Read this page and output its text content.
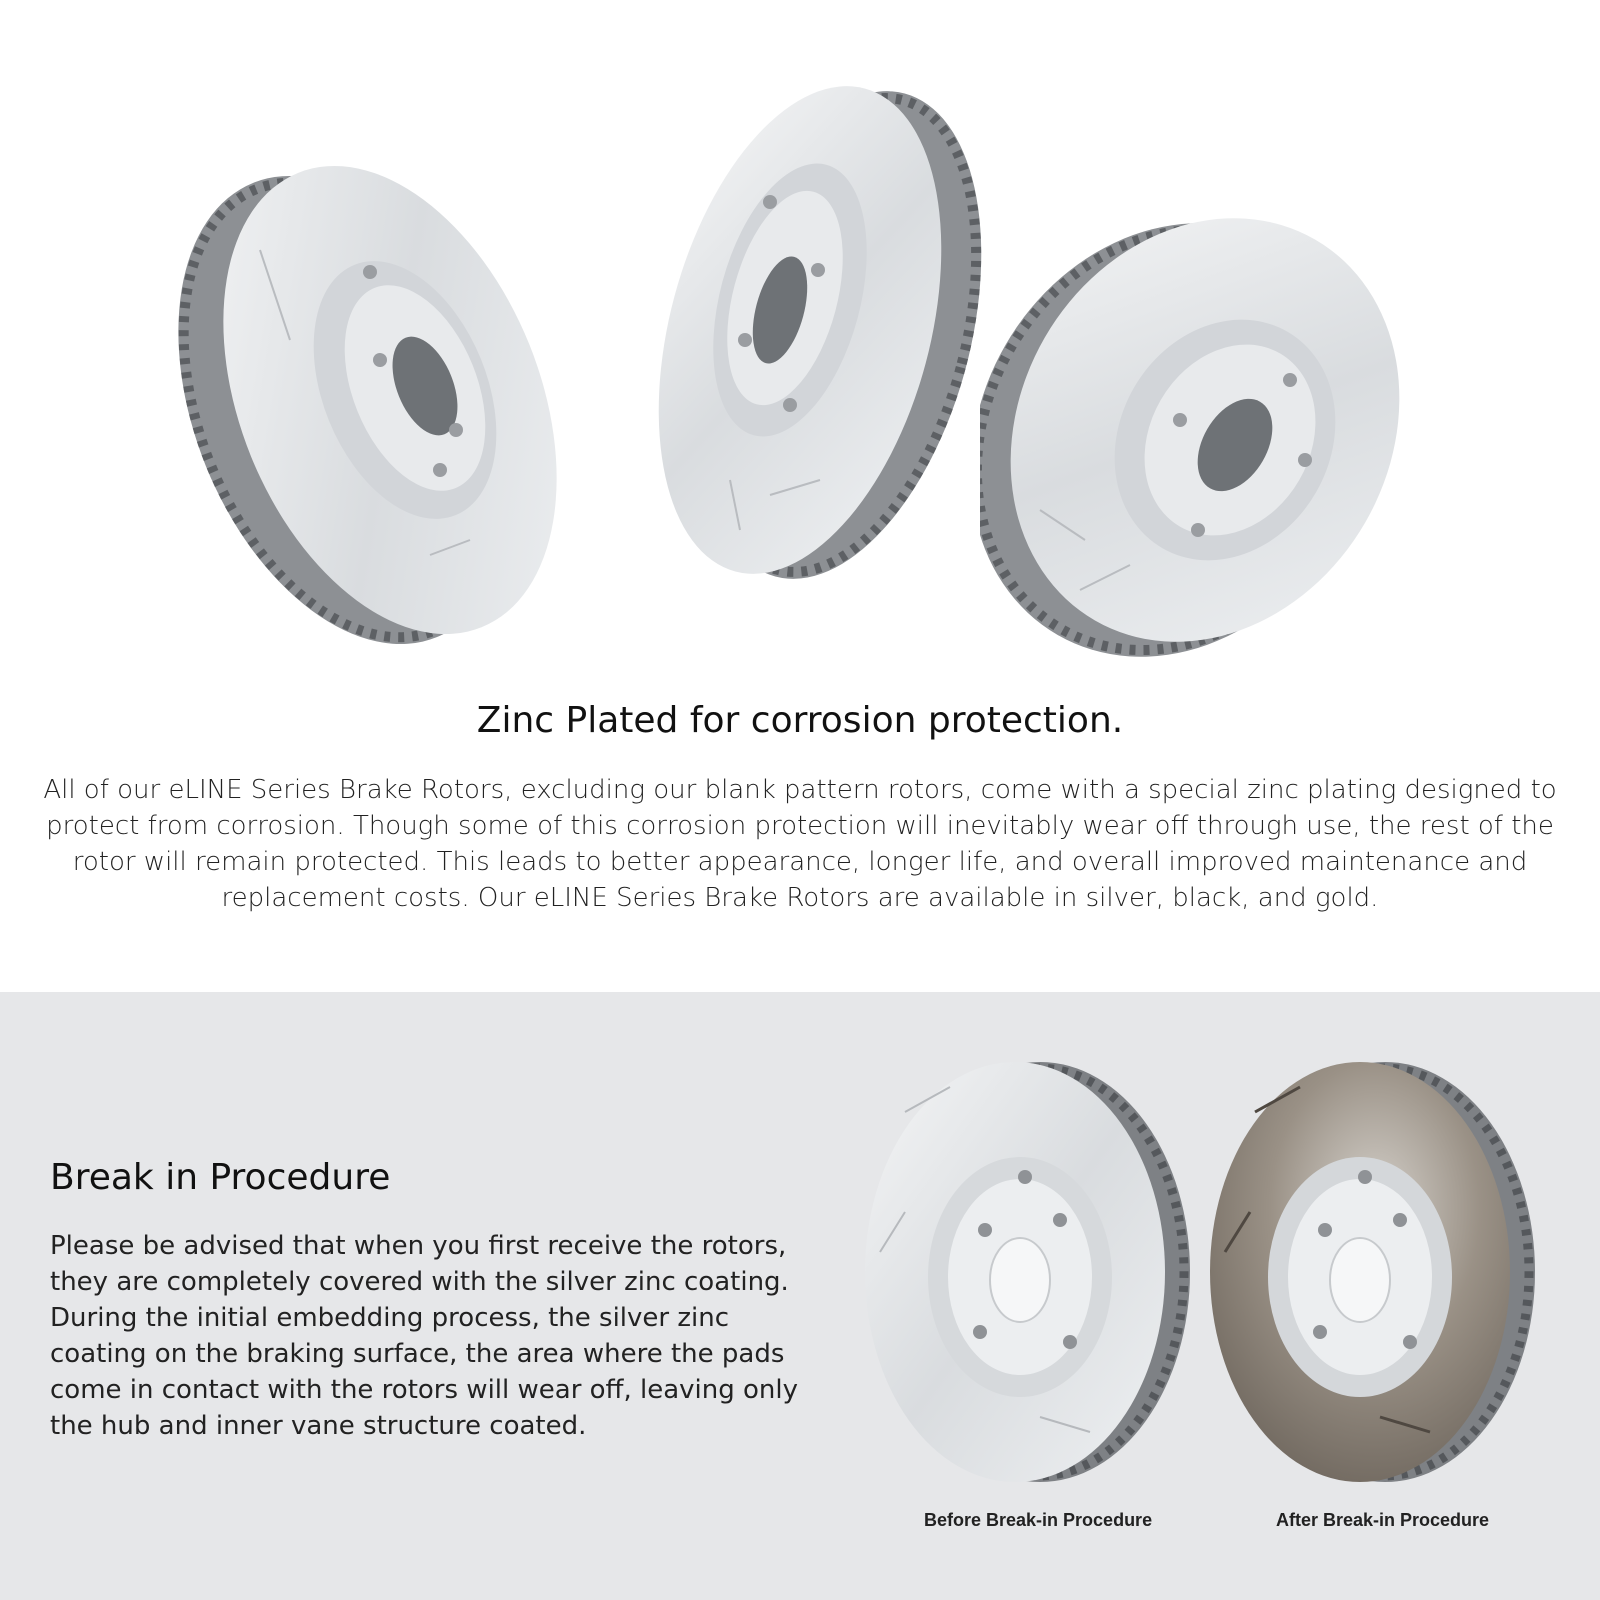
Zinc Plated for corrosion protection.

All of our eLINE Series Brake Rotors, excluding our blank pattern rotors, come with a special zinc plating designed to protect from corrosion. Though some of this corrosion protection will inevitably wear off through use, the rest of the rotor will remain protected. This leads to better appearance, longer life, and overall improved maintenance and replacement costs. Our eLINE Series Brake Rotors are available in silver, black, and gold.

Break in Procedure

Please be advised that when you first receive the rotors, they are completely covered with the silver zinc coating. During the initial embedding process, the silver zinc coating on the braking surface, the area where the pads come in contact with the rotors will wear off, leaving only the hub and inner vane structure coated.

Before Break-in Procedure	After Break-in Procedure
